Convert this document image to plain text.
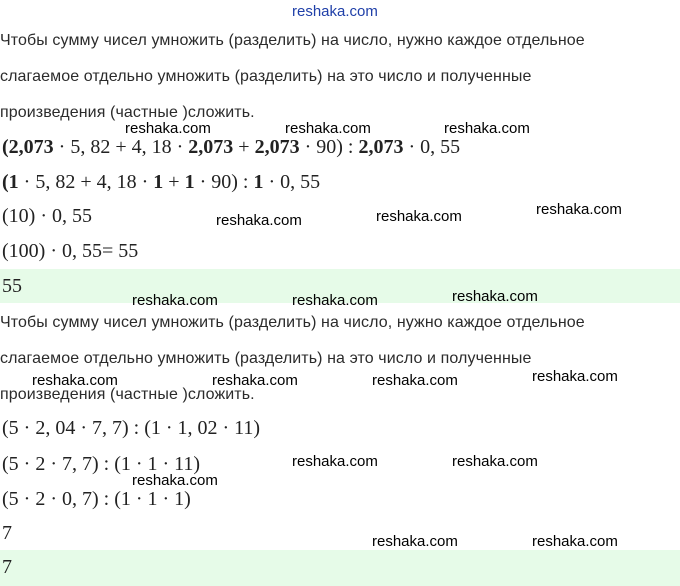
reshaka.com
Чтобы сумму чисел умножить (разделить) на число, нужно каждое отдельное
слагаемое отдельно умножить (разделить) на это число и полученные
произведения (частные )сложить.
(2,073 · 5, 82 + 4, 18 · 2,073 + 2,073 · 90) : 2,073 · 0, 55
(1 · 5, 82 + 4, 18 · 1 + 1 · 90) : 1 · 0, 55
(10) · 0, 55
(100) · 0, 55= 55
55
Чтобы сумму чисел умножить (разделить) на число, нужно каждое отдельное
слагаемое отдельно умножить (разделить) на это число и полученные
произведения (частные )сложить.
(5 · 2, 04 · 7, 7) : (1 · 1, 02 · 11)
(5 · 2 · 7, 7) : (1 · 1 · 11)
(5 · 2 · 0, 7) : (1 · 1 · 1)
7
7
reshaka.com	reshaka.com	reshaka.com
reshaka.com	reshaka.com	reshaka.com
reshaka.com	reshaka.com	reshaka.com
reshaka.com	reshaka.com	reshaka.com	reshaka.com
reshaka.com	reshaka.com
reshaka.com
reshaka.com	reshaka.com
